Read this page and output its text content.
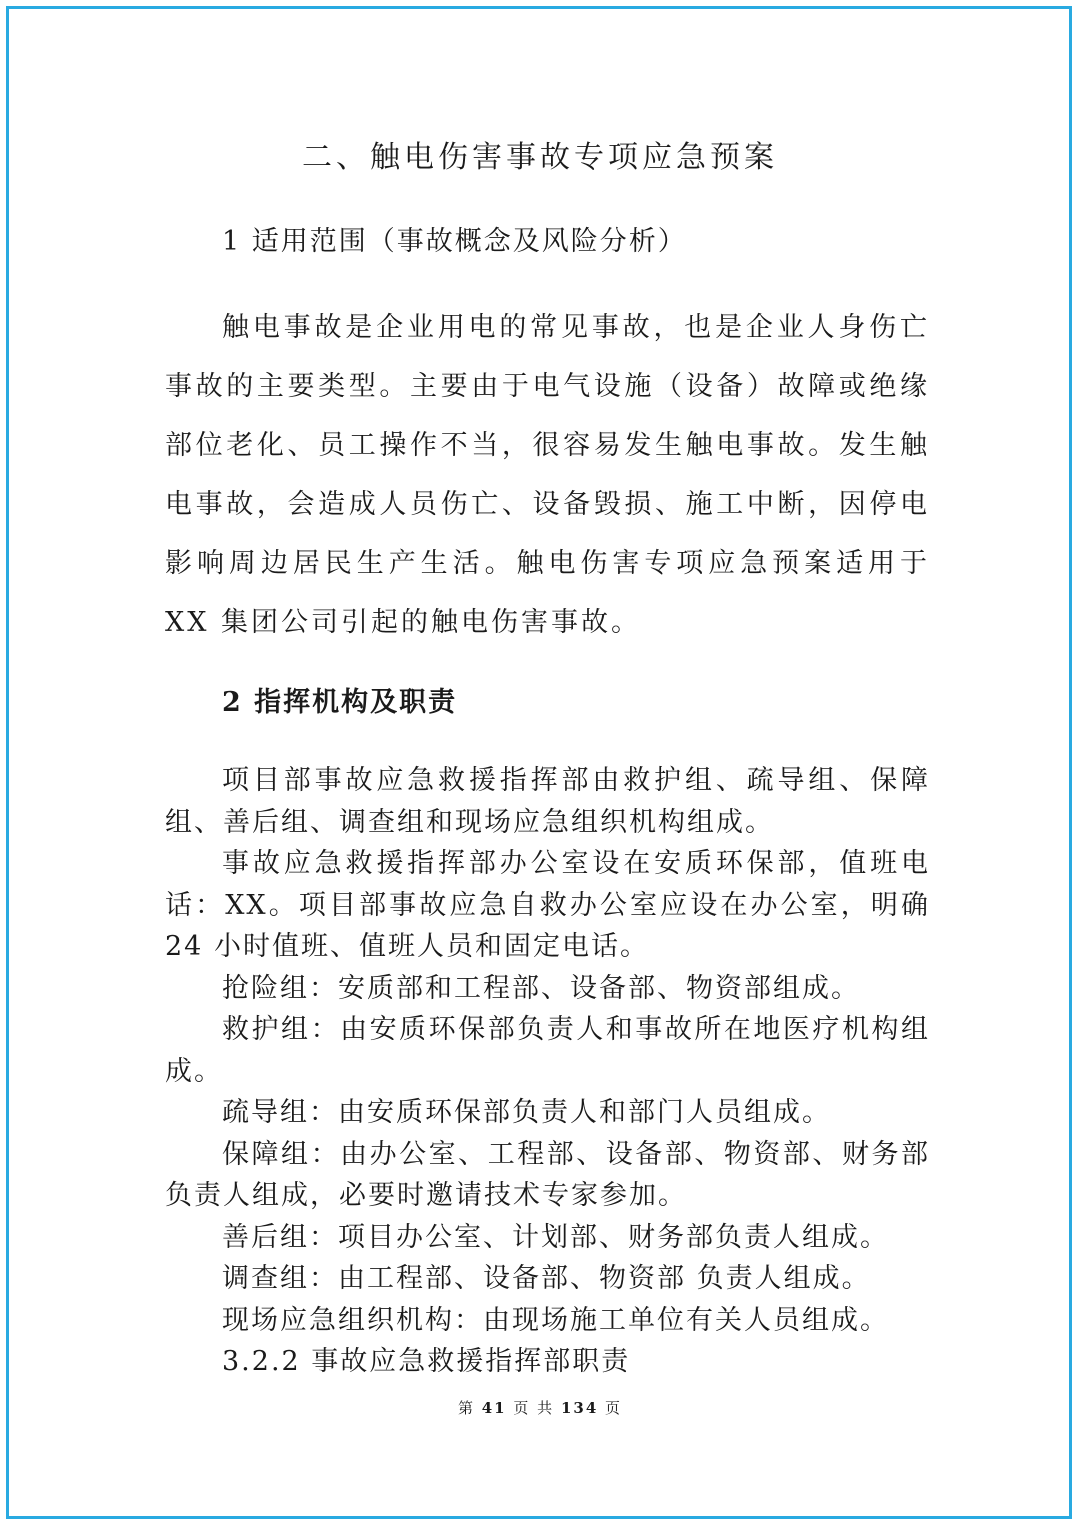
二、触电伤害事故专项应急预案
1 适用范围（事故概念及风险分析）

触电事故是企业用电的常见事故，也是企业人身伤亡事故的主要类型。主要由于电气设施（设备）故障或绝缘部位老化、员工操作不当，很容易发生触电事故。发生触电事故，会造成人员伤亡、设备毁损、施工中断，因停电影响周边居民生产生活。触电伤害专项应急预案适用于 XX 集团公司引起的触电伤害事故。

2 指挥机构及职责

项目部事故应急救援指挥部由救护组、疏导组、保障组、善后组、调查组和现场应急组织机构组成。

事故应急救援指挥部办公室设在安质环保部，值班电话：XX。项目部事故应急自救办公室应设在办公室，明确 24 小时值班、值班人员和固定电话。

抢险组：安质部和工程部、设备部、物资部组成。

救护组：由安质环保部负责人和事故所在地医疗机构组成。

疏导组：由安质环保部负责人和部门人员组成。

保障组：由办公室、工程部、设备部、物资部、财务部负责人组成，必要时邀请技术专家参加。

善后组：项目办公室、计划部、财务部负责人组成。

调查组：由工程部、设备部、物资部 负责人组成。

现场应急组织机构：由现场施工单位有关人员组成。

3.2.2 事故应急救援指挥部职责

第 41 页 共 134 页
